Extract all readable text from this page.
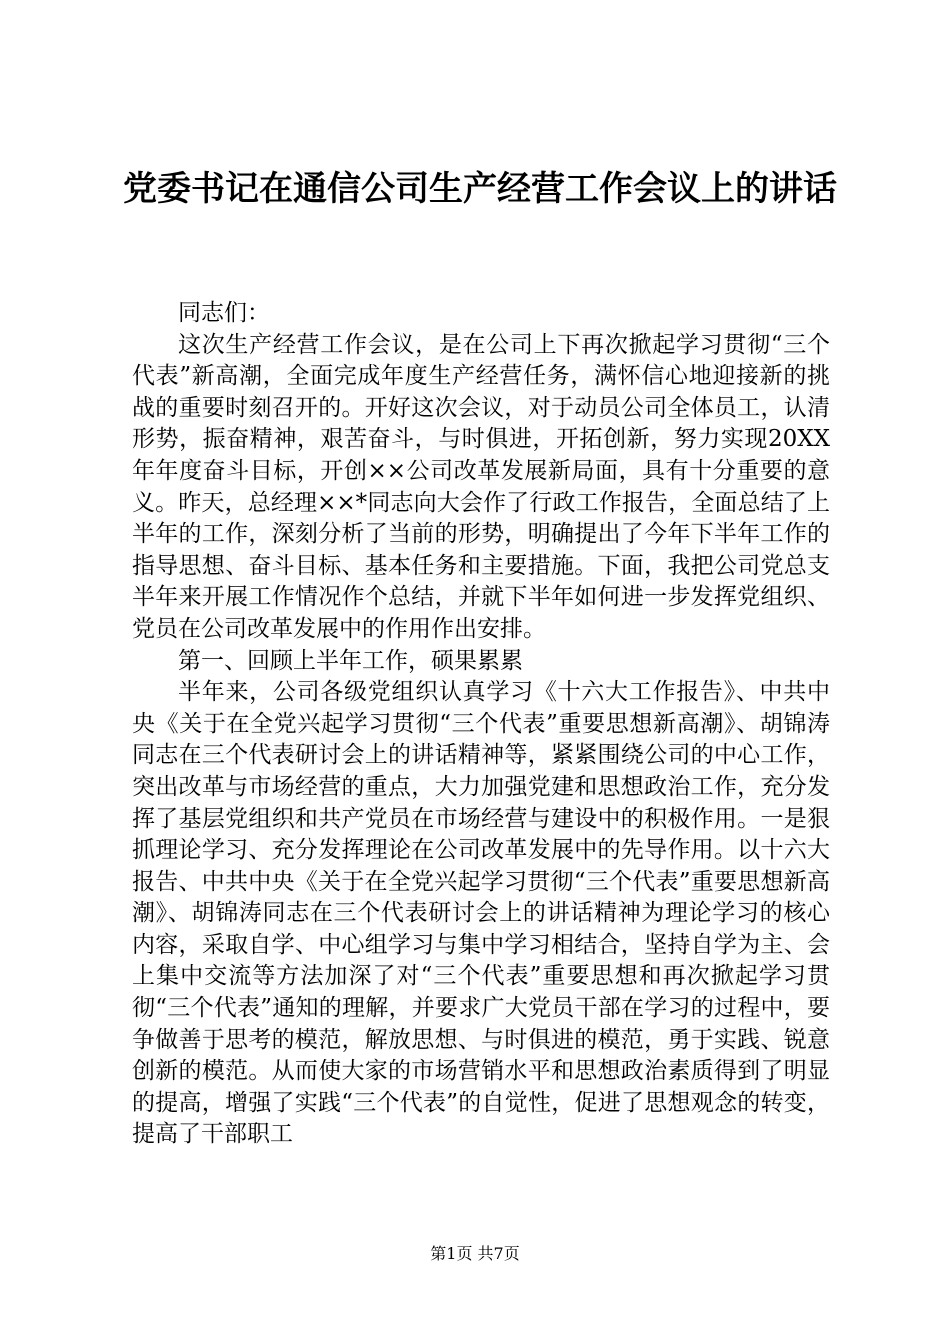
党委书记在通信公司生产经营工作会议上的讲话

同志们：

这次生产经营工作会议，是在公司上下再次掀起学习贯彻“三个代表”新高潮，全面完成年度生产经营任务，满怀信心地迎接新的挑战的重要时刻召开的。开好这次会议，对于动员公司全体员工，认清形势，振奋精神，艰苦奋斗，与时俱进，开拓创新，努力实现20XX年年度奋斗目标，开创××公司改革发展新局面，具有十分重要的意义。昨天，总经理××*同志向大会作了行政工作报告，全面总结了上半年的工作，深刻分析了当前的形势，明确提出了今年下半年工作的指导思想、奋斗目标、基本任务和主要措施。下面，我把公司党总支半年来开展工作情况作个总结，并就下半年如何进一步发挥党组织、党员在公司改革发展中的作用作出安排。

第一、回顾上半年工作，硕果累累

半年来，公司各级党组织认真学习《十六大工作报告》、中共中央《关于在全党兴起学习贯彻“三个代表”重要思想新高潮》、胡锦涛同志在三个代表研讨会上的讲话精神等，紧紧围绕公司的中心工作，突出改革与市场经营的重点，大力加强党建和思想政治工作，充分发挥了基层党组织和共产党员在市场经营与建设中的积极作用。一是狠抓理论学习、充分发挥理论在公司改革发展中的先导作用。以十六大报告、中共中央《关于在全党兴起学习贯彻“三个代表”重要思想新高潮》、胡锦涛同志在三个代表研讨会上的讲话精神为理论学习的核心内容，采取自学、中心组学习与集中学习相结合，坚持自学为主、会上集中交流等方法加深了对“三个代表”重要思想和再次掀起学习贯彻“三个代表”通知的理解，并要求广大党员干部在学习的过程中，要争做善于思考的模范，解放思想、与时俱进的模范，勇于实践、锐意创新的模范。从而使大家的市场营销水平和思想政治素质得到了明显的提高，增强了实践“三个代表”的自觉性，促进了思想观念的转变，提高了干部职工

第1页 共7页
